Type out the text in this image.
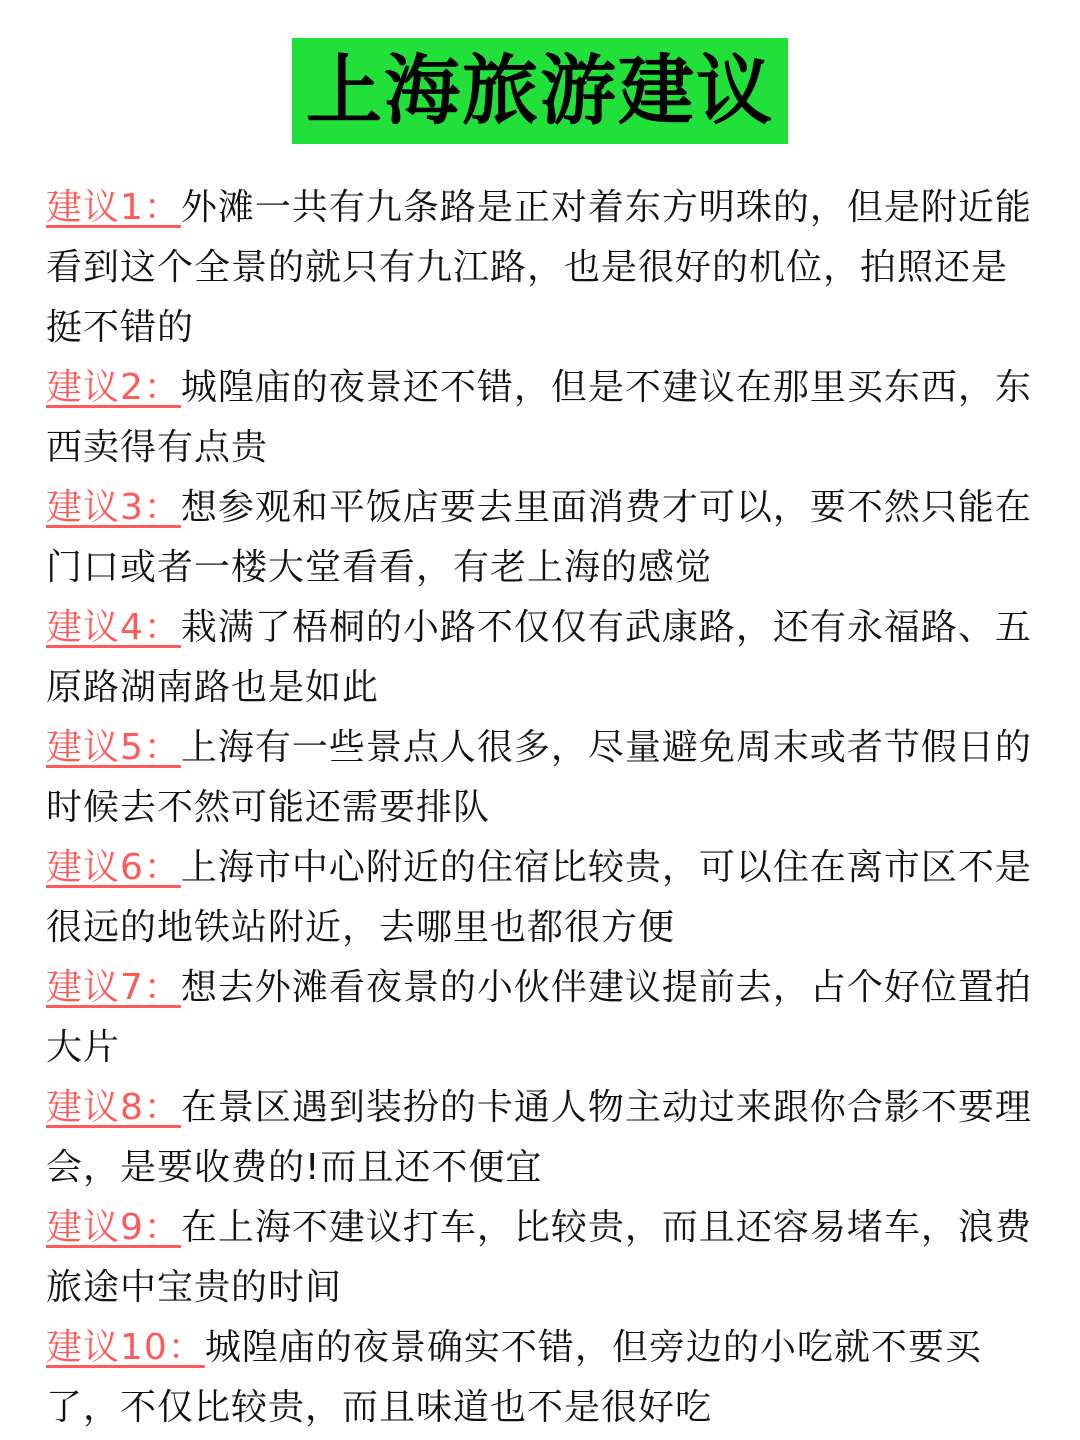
上海旅游建议
建议1：外滩一共有九条路是正对着东方明珠的，但是附近能看到这个全景的就只有九江路，也是很好的机位，拍照还是挺不错的
建议2：城隍庙的夜景还不错，但是不建议在那里买东西，东西卖得有点贵
建议3：想参观和平饭店要去里面消费才可以，要不然只能在门口或者一楼大堂看看，有老上海的感觉
建议4：栽满了梧桐的小路不仅仅有武康路，还有永福路、五原路湖南路也是如此
建议5：上海有一些景点人很多，尽量避免周末或者节假日的时候去不然可能还需要排队
建议6：上海市中心附近的住宿比较贵，可以住在离市区不是很远的地铁站附近，去哪里也都很方便
建议7：想去外滩看夜景的小伙伴建议提前去，占个好位置拍大片
建议8：在景区遇到装扮的卡通人物主动过来跟你合影不要理会，是要收费的!而且还不便宜
建议9：在上海不建议打车，比较贵，而且还容易堵车，浪费旅途中宝贵的时间
建议10：城隍庙的夜景确实不错，但旁边的小吃就不要买了，不仅比较贵，而且味道也不是很好吃
